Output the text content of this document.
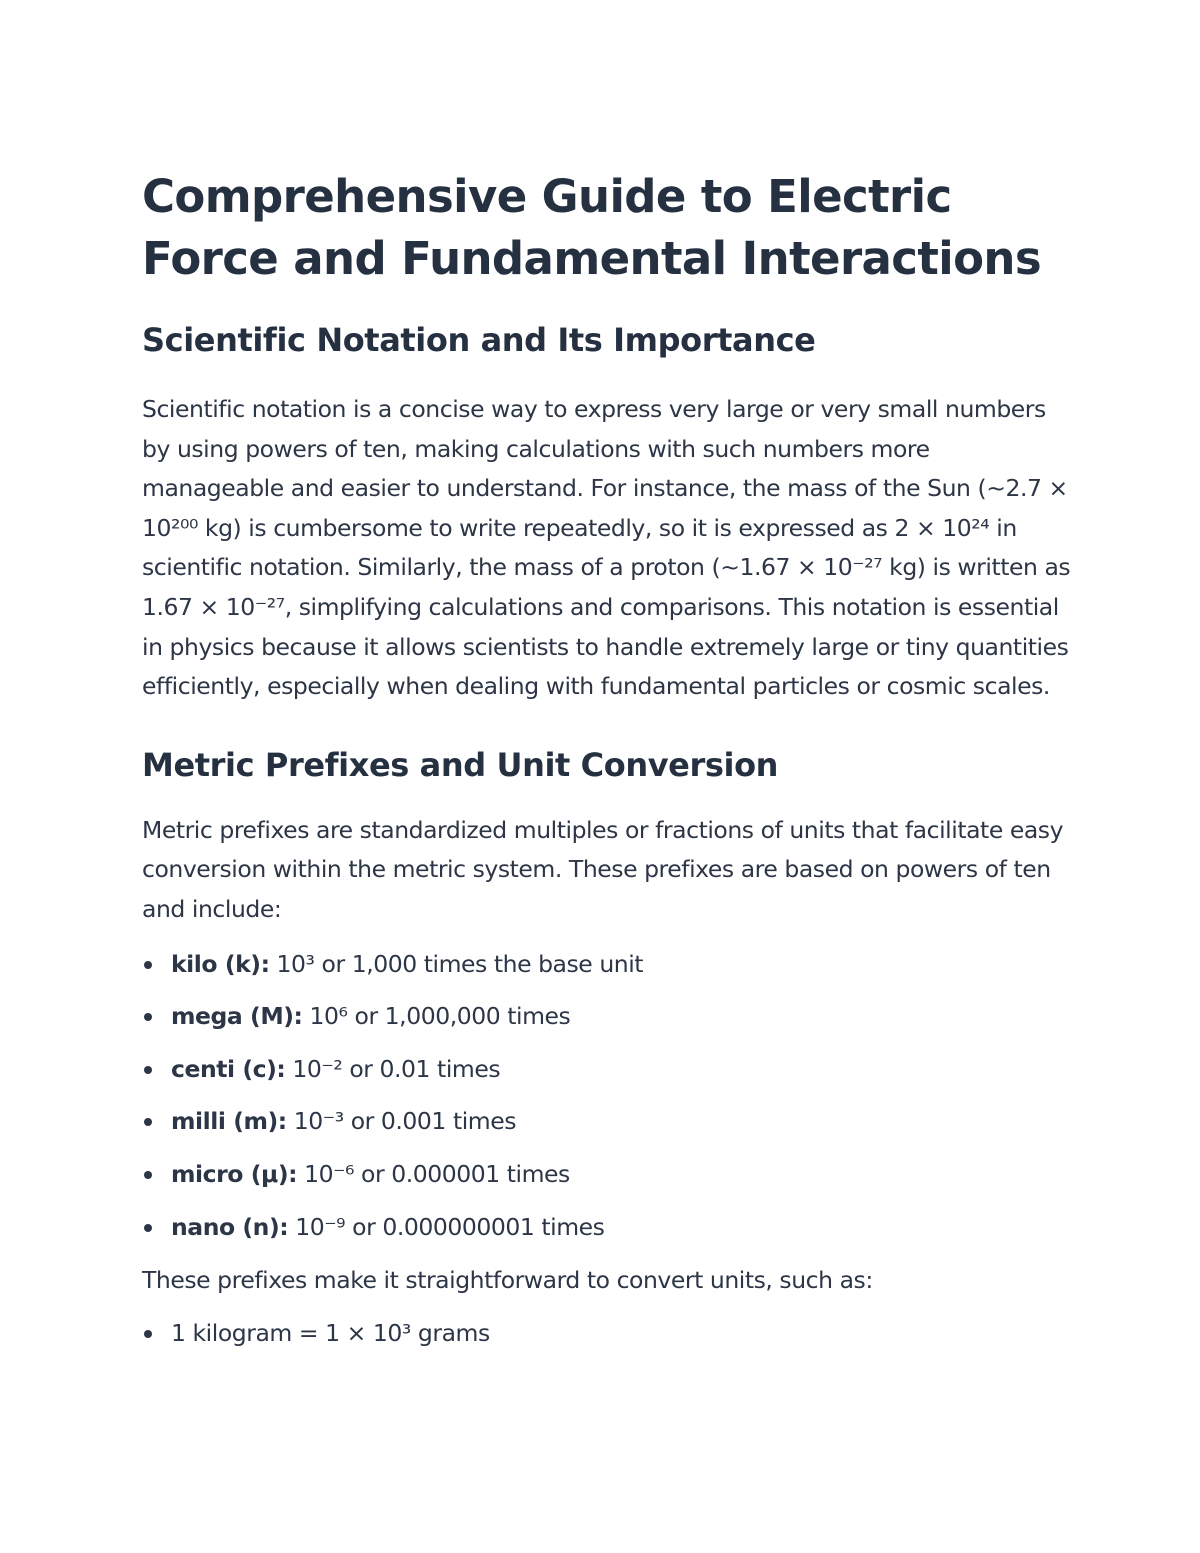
Comprehensive Guide to Electric Force and Fundamental Interactions
Scientific Notation and Its Importance

Scientific notation is a concise way to express very large or very small numbers by using powers of ten, making calculations with such numbers more manageable and easier to understand. For instance, the mass of the Sun (~2.7 × 10²⁰⁰ kg) is cumbersome to write repeatedly, so it is expressed as 2 × 10²⁴ in scientific notation. Similarly, the mass of a proton (~1.67 × 10⁻²⁷ kg) is written as 1.67 × 10⁻²⁷, simplifying calculations and comparisons. This notation is essential in physics because it allows scientists to handle extremely large or tiny quantities efficiently, especially when dealing with fundamental particles or cosmic scales.

Metric Prefixes and Unit Conversion

Metric prefixes are standardized multiples or fractions of units that facilitate easy conversion within the metric system. These prefixes are based on powers of ten and include:

kilo (k): 10³ or 1,000 times the base unit
mega (M): 10⁶ or 1,000,000 times
centi (c): 10⁻² or 0.01 times
milli (m): 10⁻³ or 0.001 times
micro (μ): 10⁻⁶ or 0.000001 times
nano (n): 10⁻⁹ or 0.000000001 times

These prefixes make it straightforward to convert units, such as:

1 kilogram = 1 × 10³ grams
